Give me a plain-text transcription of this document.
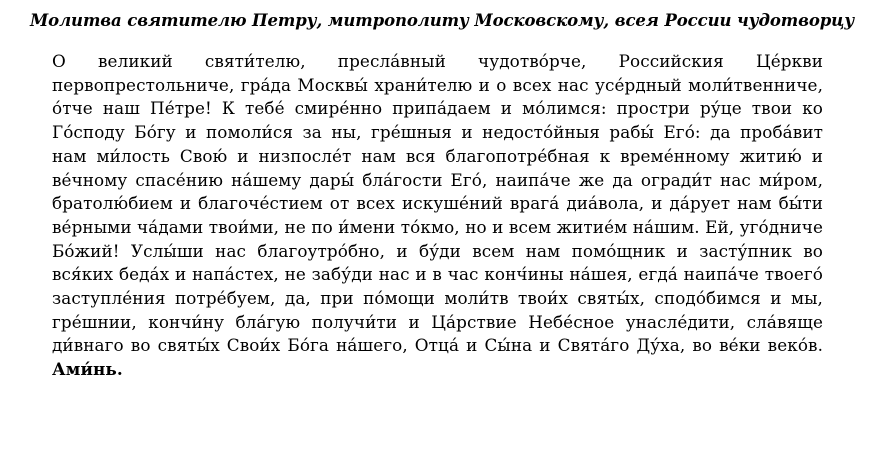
Молитва святителю Петру, митрополиту Московскому, всея России чудотворцу
О великий святи́телю, пресла́вный чудотво́рче, Российския Це́ркви
первопрестольниче, гра́да Москвы́ храни́телю и о всех нас усе́рдный моли́твенниче,
о́тче наш Пе́тре! К тебе́ смире́нно припа́даем и мо́лимся: простри ру́це твои ко
Го́споду Бо́гу и помоли́ся за ны, гре́шныя и недосто́йныя рабы́ Его́: да проба́вит
нам ми́лость Свою́ и низпосле́т нам вся благопотре́бная к време́нному житию́ и
ве́чному спасе́нию на́шему дары́ бла́гости Его́, наипа́че же да огради́т нас ми́ром,
братолю́бием и благоче́стием от всех искуше́ний врага́ диа́вола, и да́рует нам бы́ти
ве́рными ча́дами твои́ми, не по и́мени то́кмо, но и всем житие́м на́шим. Ей, уго́дниче
Бо́жий! Услы́ши нас благоутро́бно, и бу́ди всем нам помо́щник и засту́пник во
вся́ких беда́х и напа́стех, не забу́ди нас и в час конч́ины на́шея, егда́ наипа́че твоего́
заступле́ния потре́буем, да, при по́мощи моли́тв твои́х святы́х, сподо́бимся и мы,
гре́шнии, кончи́ну бла́гую получи́ти и Ца́рствие Небе́сное унасле́дити, сла́вяще
ди́внаго во святы́х Свои́х Бо́га на́шего, Отца́ и Сы́на и Свята́го Ду́ха, во ве́ки веко́в.
Ами́нь.
